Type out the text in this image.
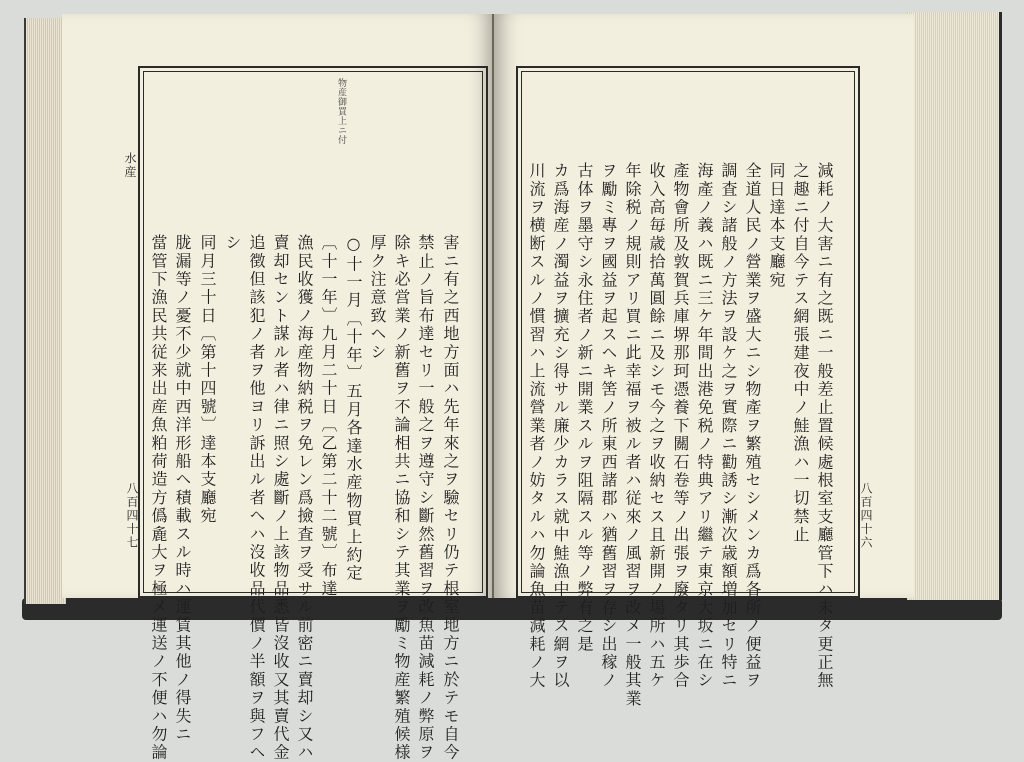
水産
八百四十七
物産御買上ニ付
當管下漁民共従来出産魚粕荷造方僞麁大ヲ極メ運送ノ不便ハ勿論 胧漏等ノ憂不少就中西洋形船ヘ積載スル時ハ運賃其他ノ得失ニ 同月三十日〔第十四號〕達本支廳宛 シ 追徴但該犯ノ者ヲ他ヨリ訴出ル者ヘハ沒收品代價ノ半額ヲ與フヘ 賣却セント謀ル者ハ律ニ照シ處斷ノ上該物品悉皆沒收又其賣代金 漁民收獲ノ海産物納税ヲ免レン爲撿査ヲ受サル前密ニ賣却シ又ハ 〔十一年〕九月二十日〔乙第二十二號〕布達 ○十一月〔十年〕五月各達水産物買上約定 厚ク注意致ヘシ 除キ必営業ノ新舊ヲ不論相共ニ協和シテ其業ヲ勵ミ物産繁殖候様 禁止ノ旨布達セリ一般之ヲ遵守シ斷然舊習ヲ改魚苗減耗ノ弊原ヲ 害ニ有之西地方面ハ先年來之ヲ驗セリ仍テ根室地方ニ於テモ自今	川流ヲ横断スルノ慣習ハ上流營業者ノ妨タルハ勿論魚苗減耗ノ大 カ爲海産ノ濁益ヲ擴充シ得サル廉少カラス就中鮭漁中テス網ヲ以 古体ヲ墨守シ永住者ノ新ニ開業スルヲ阻隔スル等ノ弊有之是 ヲ勵ミ專ヲ國益ヲ起スヘキ筈ノ所東西諸郡ハ猶舊習ヲ存シ出稼ノ 年除税ノ規則アリ買ニ此幸福ヲ被ル者ハ従來ノ風習ヲ改メ一般其業 收入高毎歳拾萬圓餘ニ及シモ今之ヲ收納セス且新開ノ場所ハ五ケ 產物會所及敦賀兵庫堺那珂憑養下關石卷等ノ出張ヲ廢タリ其歩合 海產ノ義ハ既ニ三ケ年間出港免税ノ特典アリ繼テ東京大坂ニ在シ 調査シ諸般ノ方法ヲ設ケ之ヲ實際ニ勸誘シ漸次歳額増加セリ特ニ 全道人民ノ營業ヲ盛大ニシ物產ヲ繁殖セシメンカ爲各所ノ便益ヲ 同日達本支廳宛 之趣ニ付自今テス網張建夜中ノ鮭漁ハ一切禁止 減耗ノ大害ニ有之既ニ一般差止置候處根室支廳管下ハ未タ更正無 八百四十六
